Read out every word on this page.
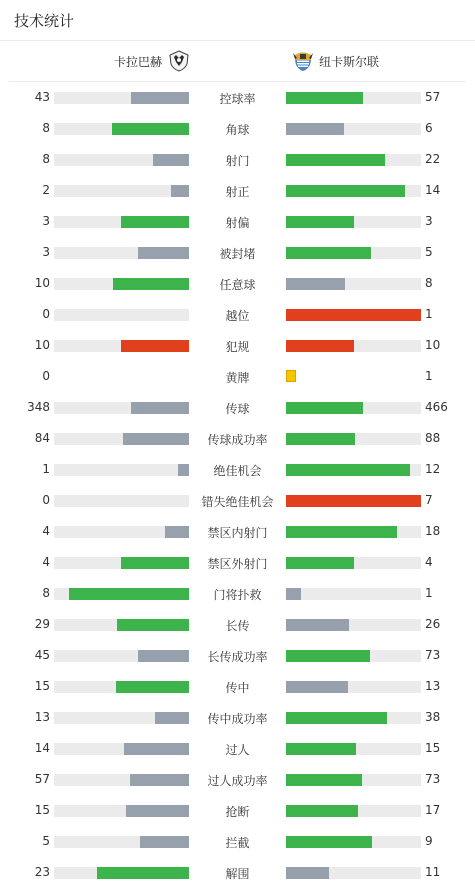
技术统计
卡拉巴赫	纽卡斯尔联
43	控球率	57
8	角球	6
8	射门	22
2	射正	14
3	射偏	3
3	被封堵	5
10	任意球	8
0	越位	1
10	犯规	10
0	黄牌	1
348	传球	466
84	传球成功率	88
1	绝佳机会	12
0	错失绝佳机会	7
4	禁区内射门	18
4	禁区外射门	4
8	门将扑救	1
29	长传	26
45	长传成功率	73
15	传中	13
13	传中成功率	38
14	过人	15
57	过人成功率	73
15	抢断	17
5	拦截	9
23	解围	11
